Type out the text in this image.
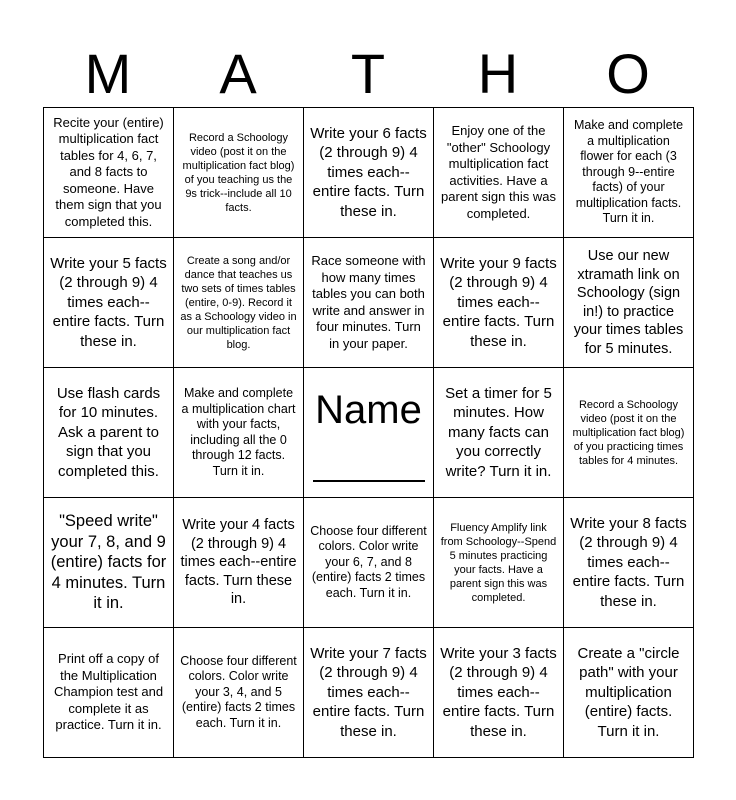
M	A	T	H	O
Recite your (entire) multiplication fact tables for 4, 6, 7, and 8 facts to someone. Have them sign that you completed this.
Record a Schoology video (post it on the multiplication fact blog) of you teaching us the 9s trick--include all 10 facts.
Write your 6 facts (2 through 9) 4 times each--entire facts. Turn these in.
Enjoy one of the "other" Schoology multiplication fact activities. Have a parent sign this was completed.
Make and complete a multiplication flower for each (3 through 9--entire facts) of your multiplication facts. Turn it in.
Write your 5 facts (2 through 9) 4 times each--entire facts. Turn these in.
Create a song and/or dance that teaches us two sets of times tables (entire, 0-9). Record it as a Schoology video in our multiplication fact blog.
Race someone with how many times tables you can both write and answer in four minutes. Turn in your paper.
Write your 9 facts (2 through 9) 4 times each--entire facts. Turn these in.
Use our new xtramath link on Schoology (sign in!) to practice your times tables for 5 minutes.
Use flash cards for 10 minutes. Ask a parent to sign that you completed this.
Make and complete a multiplication chart with your facts, including all the 0 through 12 facts. Turn it in.
Name	Set a timer for 5 minutes. How many facts can you correctly write? Turn it in.
Record a Schoology video (post it on the multiplication fact blog) of you practicing times tables for 4 minutes.
"Speed write" your 7, 8, and 9 (entire) facts for 4 minutes. Turn it in.
Write your 4 facts (2 through 9) 4 times each--entire facts. Turn these in.
Choose four different colors. Color write your 6, 7, and 8 (entire) facts 2 times each. Turn it in.
Fluency Amplify link from Schoology--Spend 5 minutes practicing your facts. Have a parent sign this was completed.
Write your 8 facts (2 through 9) 4 times each--entire facts. Turn these in.
Print off a copy of the Multiplication Champion test and complete it as practice. Turn it in.
Choose four different colors. Color write your 3, 4, and 5 (entire) facts 2 times each. Turn it in.
Write your 7 facts (2 through 9) 4 times each--entire facts. Turn these in.
Write your 3 facts (2 through 9) 4 times each--entire facts. Turn these in.
Create a "circle path" with your multiplication (entire) facts. Turn it in.
